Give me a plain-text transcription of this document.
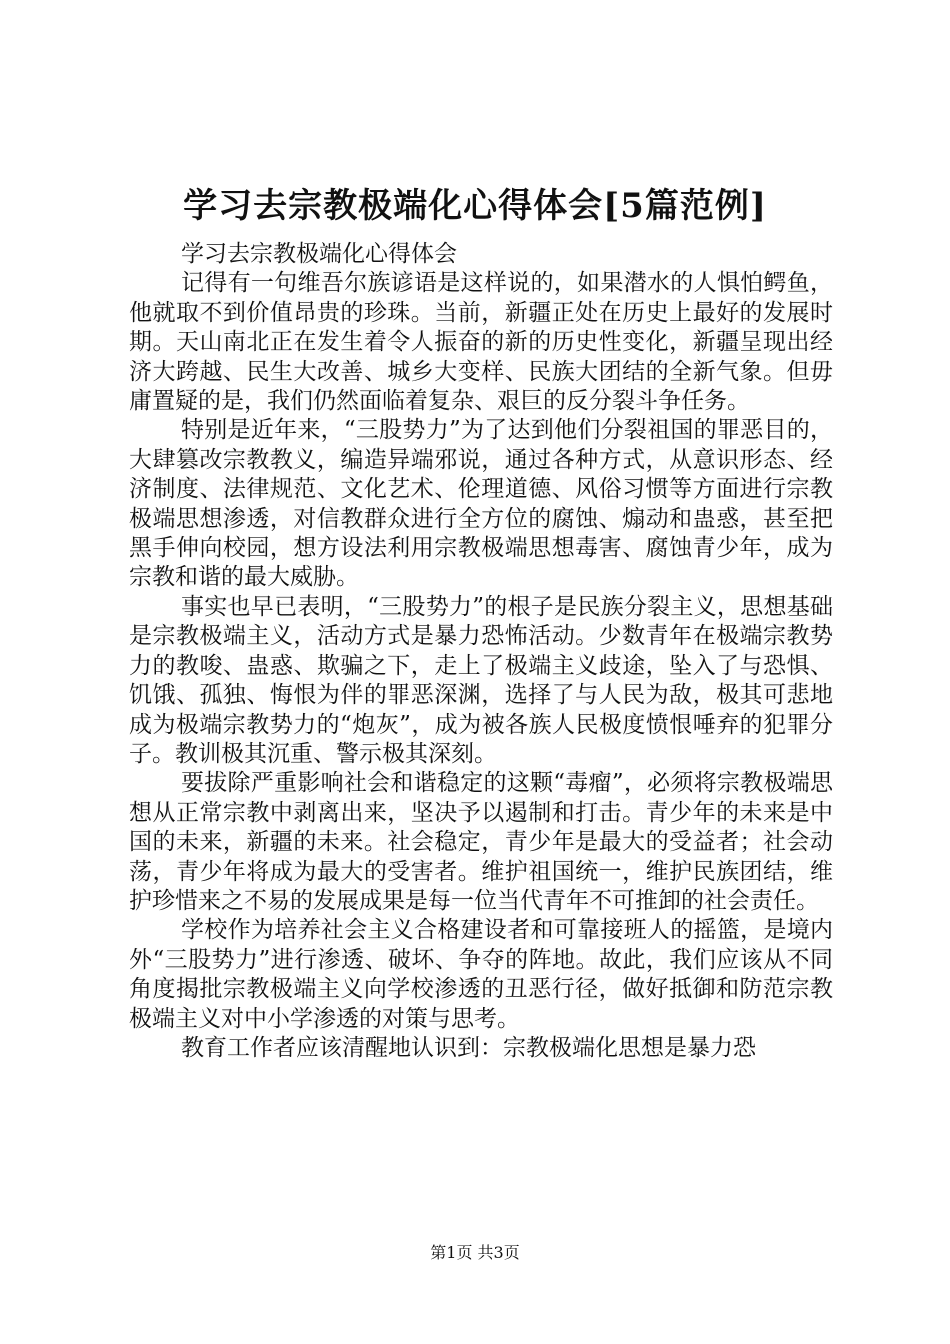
学习去宗教极端化心得体会[5篇范例]

学习去宗教极端化心得体会

记得有一句维吾尔族谚语是这样说的，如果潜水的人惧怕鳄鱼，他就取不到价值昂贵的珍珠。当前，新疆正处在历史上最好的发展时期。天山南北正在发生着令人振奋的新的历史性变化，新疆呈现出经济大跨越、民生大改善、城乡大变样、民族大团结的全新气象。但毋庸置疑的是，我们仍然面临着复杂、艰巨的反分裂斗争任务。

特别是近年来，“三股势力”为了达到他们分裂祖国的罪恶目的，大肆篡改宗教教义，编造异端邪说，通过各种方式，从意识形态、经济制度、法律规范、文化艺术、伦理道德、风俗习惯等方面进行宗教极端思想渗透，对信教群众进行全方位的腐蚀、煽动和蛊惑，甚至把黑手伸向校园，想方设法利用宗教极端思想毒害、腐蚀青少年，成为宗教和谐的最大威胁。

事实也早已表明，“三股势力”的根子是民族分裂主义，思想基础是宗教极端主义，活动方式是暴力恐怖活动。少数青年在极端宗教势力的教唆、蛊惑、欺骗之下，走上了极端主义歧途，坠入了与恐惧、饥饿、孤独、悔恨为伴的罪恶深渊，选择了与人民为敌，极其可悲地成为极端宗教势力的“炮灰”，成为被各族人民极度愤恨唾弃的犯罪分子。教训极其沉重、警示极其深刻。

要拔除严重影响社会和谐稳定的这颗“毒瘤”，必须将宗教极端思想从正常宗教中剥离出来，坚决予以遏制和打击。青少年的未来是中国的未来，新疆的未来。社会稳定，青少年是最大的受益者；社会动荡，青少年将成为最大的受害者。维护祖国统一，维护民族团结，维护珍惜来之不易的发展成果是每一位当代青年不可推卸的社会责任。

学校作为培养社会主义合格建设者和可靠接班人的摇篮，是境内外“三股势力”进行渗透、破坏、争夺的阵地。故此，我们应该从不同角度揭批宗教极端主义向学校渗透的丑恶行径，做好抵御和防范宗教极端主义对中小学渗透的对策与思考。

教育工作者应该清醒地认识到：宗教极端化思想是暴力恐

第1页 共3页
